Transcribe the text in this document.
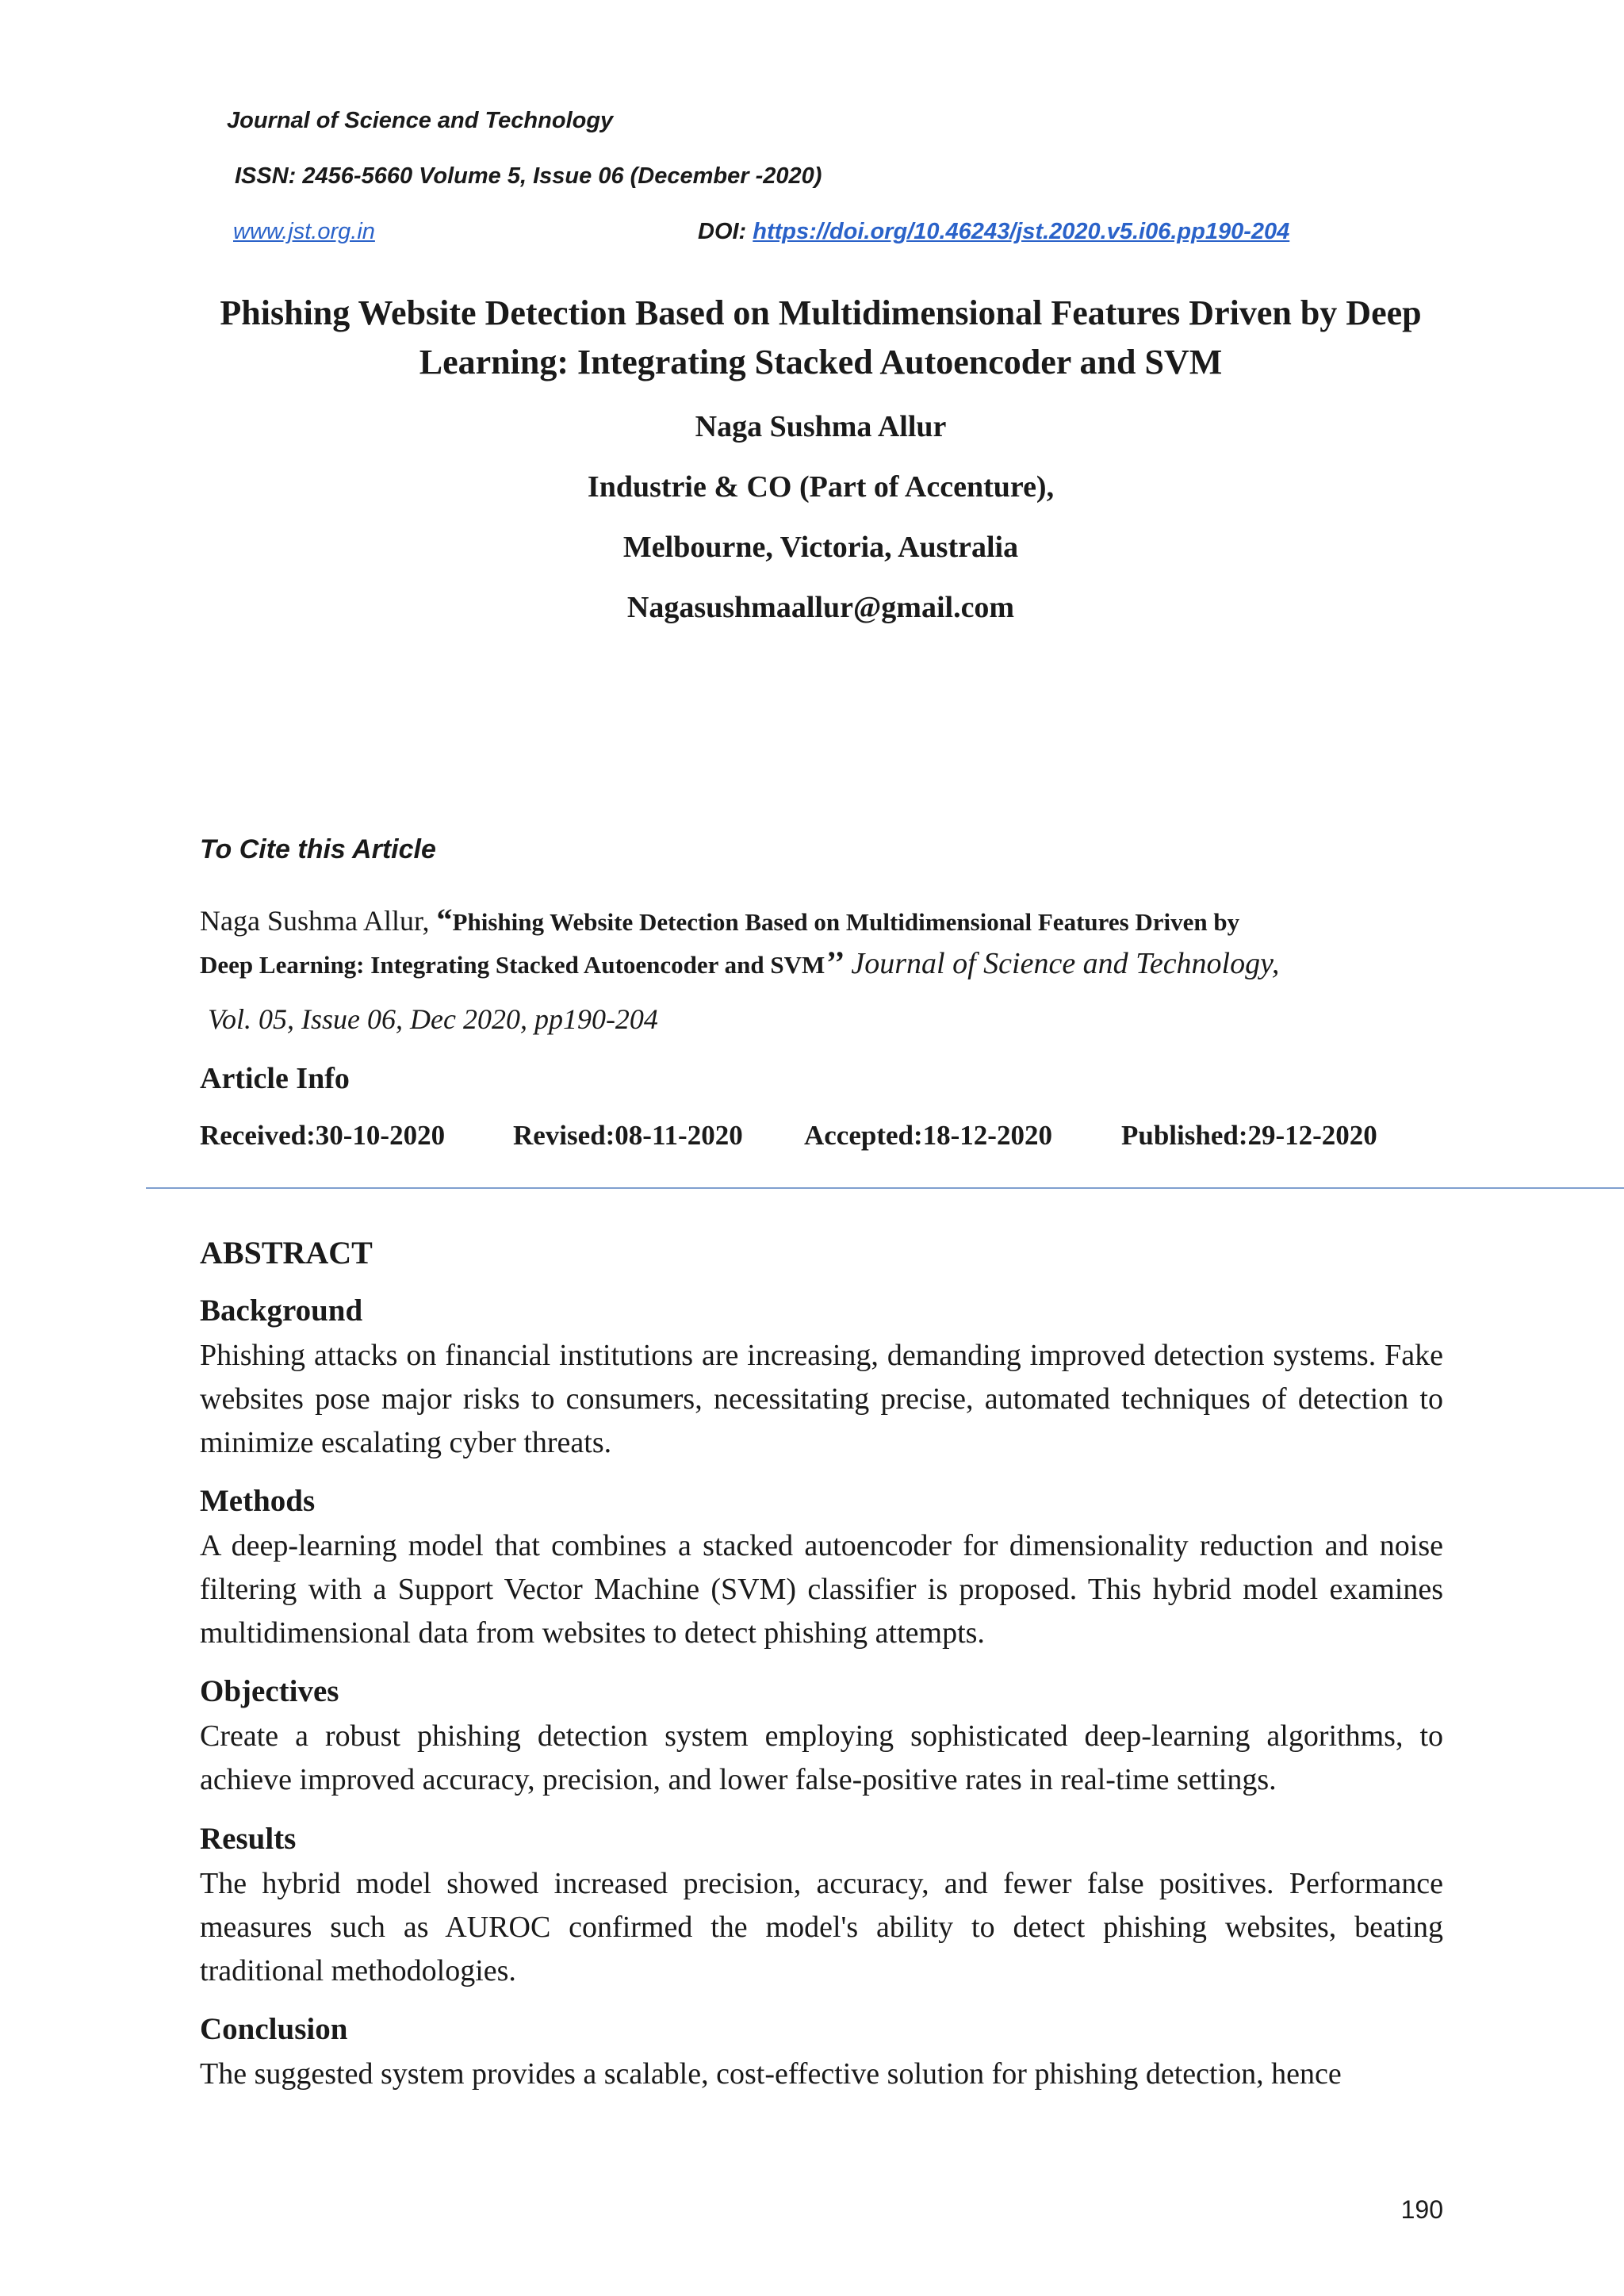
Journal of Science and Technology
ISSN: 2456-5660 Volume 5, Issue 06 (December -2020)
www.jst.org.in	DOI: https://doi.org/10.46243/jst.2020.v5.i06.pp190-204
Phishing Website Detection Based on Multidimensional Features Driven by Deep Learning: Integrating Stacked Autoencoder and SVM
Naga Sushma Allur
Industrie & CO (Part of Accenture),
Melbourne, Victoria, Australia
Nagasushmaallur@gmail.com
To Cite this Article
Naga Sushma Allur, “Phishing Website Detection Based on Multidimensional Features Driven by
Deep Learning: Integrating Stacked Autoencoder and SVM’’ Journal of Science and Technology,
Vol. 05, Issue 06, Dec 2020, pp190-204
Article Info
Received:30-10-2020 Revised:08-11-2020 Accepted:18-12-2020 Published:29-12-2020
ABSTRACT
Background

Phishing attacks on financial institutions are increasing, demanding improved detection systems. Fake websites pose major risks to consumers, necessitating precise, automated techniques of detection to minimize escalating cyber threats.

Methods

A deep-learning model that combines a stacked autoencoder for dimensionality reduction and noise filtering with a Support Vector Machine (SVM) classifier is proposed. This hybrid model examines multidimensional data from websites to detect phishing attempts.

Objectives

Create a robust phishing detection system employing sophisticated deep-learning algorithms, to achieve improved accuracy, precision, and lower false-positive rates in real-time settings.

Results

The hybrid model showed increased precision, accuracy, and fewer false positives. Performance measures such as AUROC confirmed the model's ability to detect phishing websites, beating traditional methodologies.

Conclusion

The suggested system provides a scalable, cost-effective solution for phishing detection, hence

190
